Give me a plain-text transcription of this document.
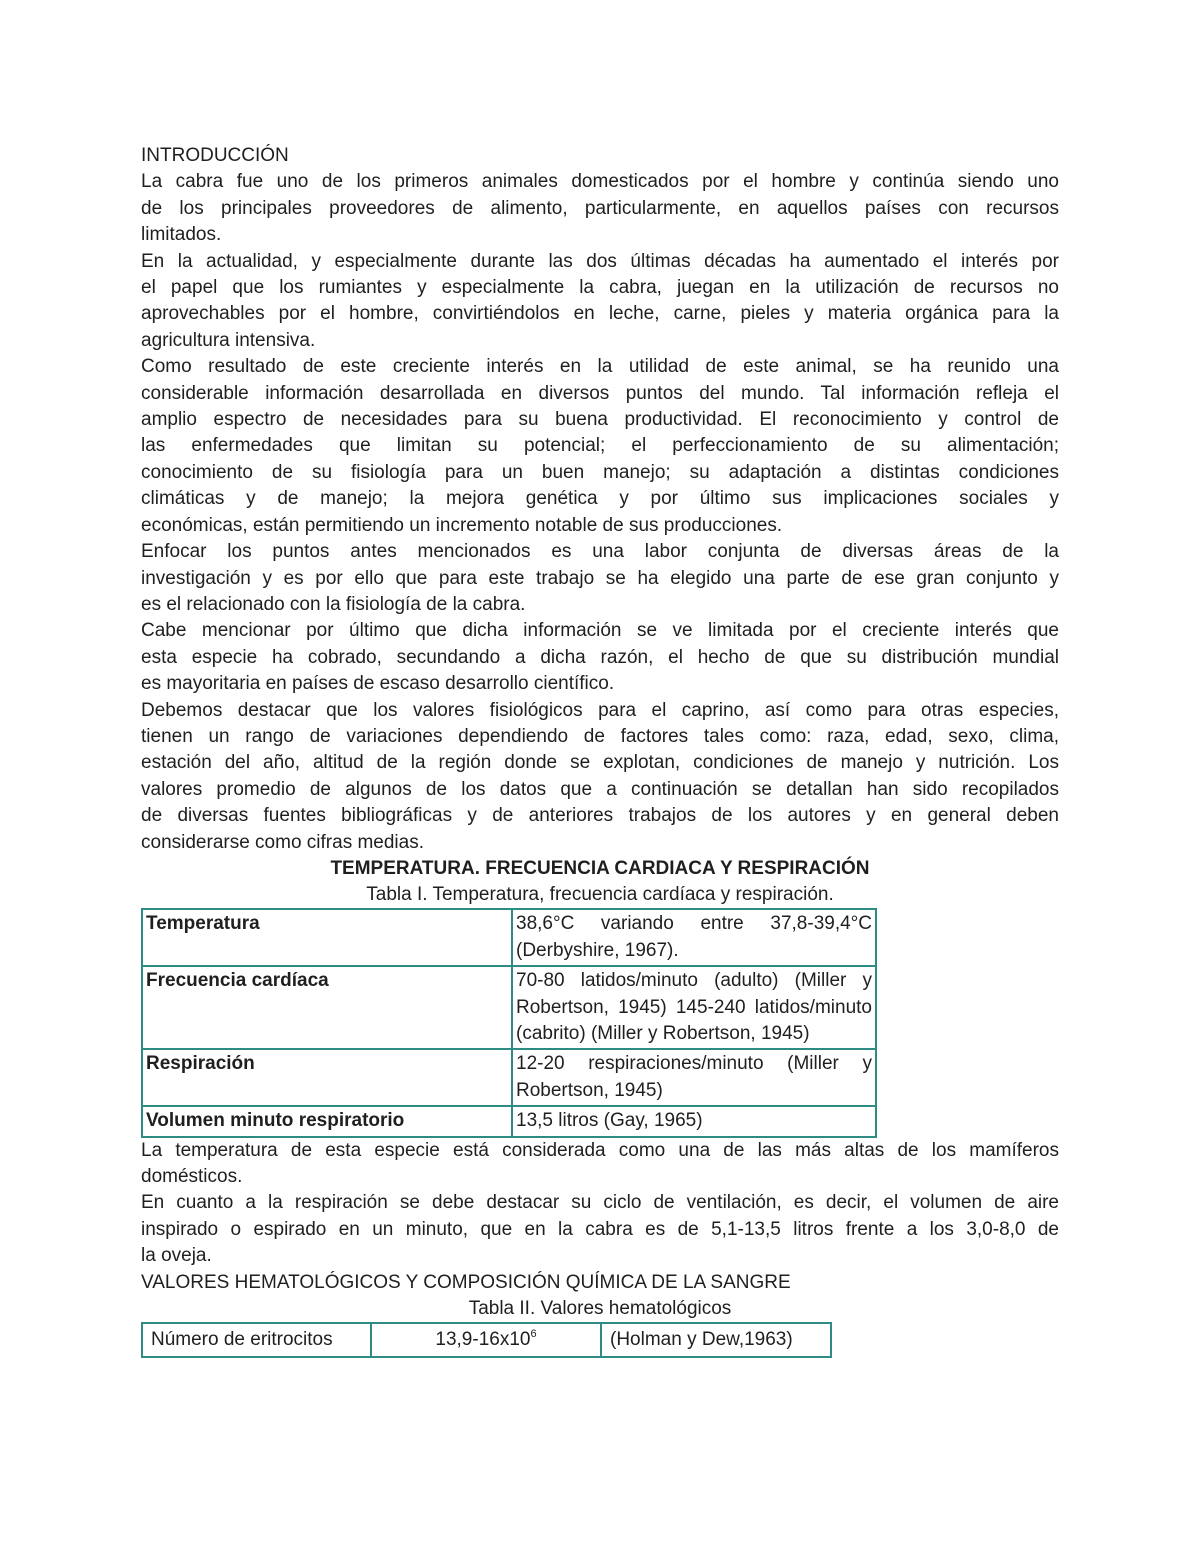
INTRODUCCIÓN
La cabra fue uno de los primeros animales domesticados por el hombre y continúa siendo uno
de los principales proveedores de alimento, particularmente, en aquellos países con recursos
limitados.
En la actualidad, y especialmente durante las dos últimas décadas ha aumentado el interés por
el papel que los rumiantes y especialmente la cabra, juegan en la utilización de recursos no
aprovechables por el hombre, convirtiéndolos en leche, carne, pieles y materia orgánica para la
agricultura intensiva.
Como resultado de este creciente interés en la utilidad de este animal, se ha reunido una
considerable información desarrollada en diversos puntos del mundo. Tal información refleja el
amplio espectro de necesidades para su buena productividad. El reconocimiento y control de
las enfermedades que limitan su potencial; el perfeccionamiento de su alimentación;
conocimiento de su fisiología para un buen manejo; su adaptación a distintas condiciones
climáticas y de manejo; la mejora genética y por último sus implicaciones sociales y
económicas, están permitiendo un incremento notable de sus producciones.
Enfocar los puntos antes mencionados es una labor conjunta de diversas áreas de la
investigación y es por ello que para este trabajo se ha elegido una parte de ese gran conjunto y
es el relacionado con la fisiología de la cabra.
Cabe mencionar por último que dicha información se ve limitada por el creciente interés que
esta especie ha cobrado, secundando a dicha razón, el hecho de que su distribución mundial
es mayoritaria en países de escaso desarrollo científico.
Debemos destacar que los valores fisiológicos para el caprino, así como para otras especies,
tienen un rango de variaciones dependiendo de factores tales como: raza, edad, sexo, clima,
estación del año, altitud de la región donde se explotan, condiciones de manejo y nutrición. Los
valores promedio de algunos de los datos que a continuación se detallan han sido recopilados
de diversas fuentes bibliográficas y de anteriores trabajos de los autores y en general deben
considerarse como cifras medias.
TEMPERATURA. FRECUENCIA CARDIACA Y RESPIRACIÓN
Tabla I. Temperatura, frecuencia cardíaca y respiración.
Temperatura	38,6°C variando entre 37,8-39,4°C (Derbyshire, 1967).
Frecuencia cardíaca	70-80 latidos/minuto (adulto) (Miller y Robertson, 1945) 145-240 latidos/minuto (cabrito) (Miller y Robertson, 1945)
Respiración	12-20 respiraciones/minuto (Miller y Robertson, 1945)
Volumen minuto respiratorio	13,5 litros (Gay, 1965)
La temperatura de esta especie está considerada como una de las más altas de los mamíferos
domésticos.
En cuanto a la respiración se debe destacar su ciclo de ventilación, es decir, el volumen de aire
inspirado o espirado en un minuto, que en la cabra es de 5,1-13,5 litros frente a los 3,0-8,0 de
la oveja.
VALORES HEMATOLÓGICOS Y COMPOSICIÓN QUÍMICA DE LA SANGRE
Tabla II. Valores hematológicos
Número de eritrocitos	$13,9-16x10^6$	(Holman y Dew,1963)
